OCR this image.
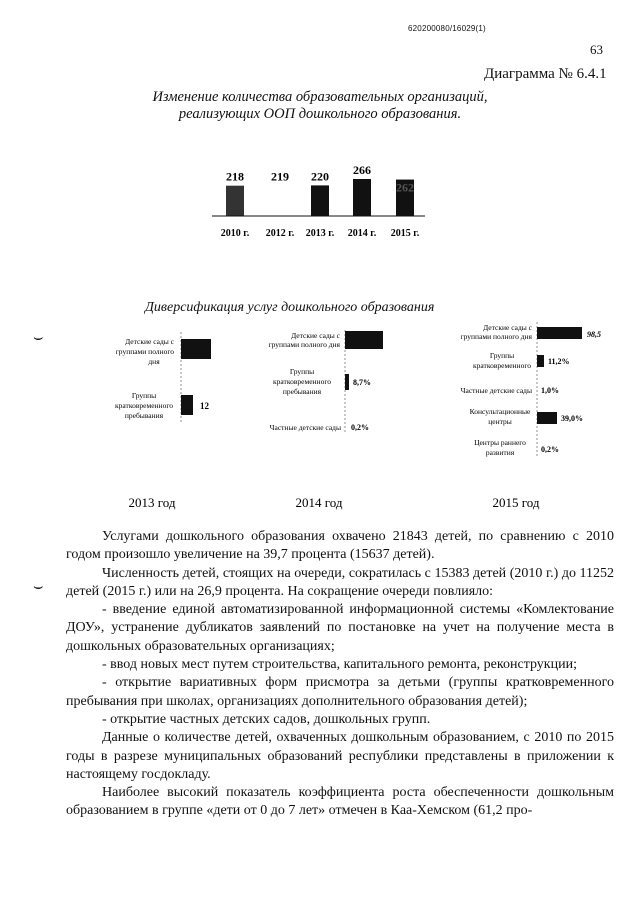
620200080/16029(1)
63
Диаграмма № 6.4.1
Изменение количества образовательных организаций,
реализующих ООП дошкольного образования.
218 219 220 266
262
2010 г. 2012 г. 2013 г. 2014 г. 2015 г.
Диверсификация услуг дошкольного образования
Детские сады с
группами полного
дня
Группы
кратковременного
пребывания
12
Детские сады с
группами полного дня
Группы
кратковременного
пребывания
8,7%
Частные детские сады 0,2%
Детские сады с
группами полного дня	98,5
Группы
кратковременного 11,2%
Частные детские сады 1,0%
Консультационные
центры	39,0%
Центры раннего
развития	0,2%
2013 год	2014 год	2015 год
⌣
⌣

Услугами дошкольного образования охвачено 21843 детей, по сравнению с 2010 годом произошло увеличение на 39,7 процента (15637 детей).

Численность детей, стоящих на очереди, сократилась с 15383 детей (2010 г.) до 11252 детей (2015 г.) или на 26,9 процента. На сокращение очереди повлияло:

- введение единой автоматизированной информационной системы «Комлектование ДОУ», устранение дубликатов заявлений по постановке на учет на получение места в дошкольных образовательных организациях;

- ввод новых мест путем строительства, капитального ремонта, реконструкции;

- открытие вариативных форм присмотра за детьми (группы кратковременного пребывания при школах, организациях дополнительного образования детей);

- открытие частных детских садов, дошкольных групп.

Данные о количестве детей, охваченных дошкольным образованием, с 2010 по 2015 годы в разрезе муниципальных образований республики представлены в приложении к настоящему госдокладу.

Наиболее высокий показатель коэффициента роста обеспеченности дошкольным образованием в группе «дети от 0 до 7 лет» отмечен в Каа-Хемском (61,2 про-
